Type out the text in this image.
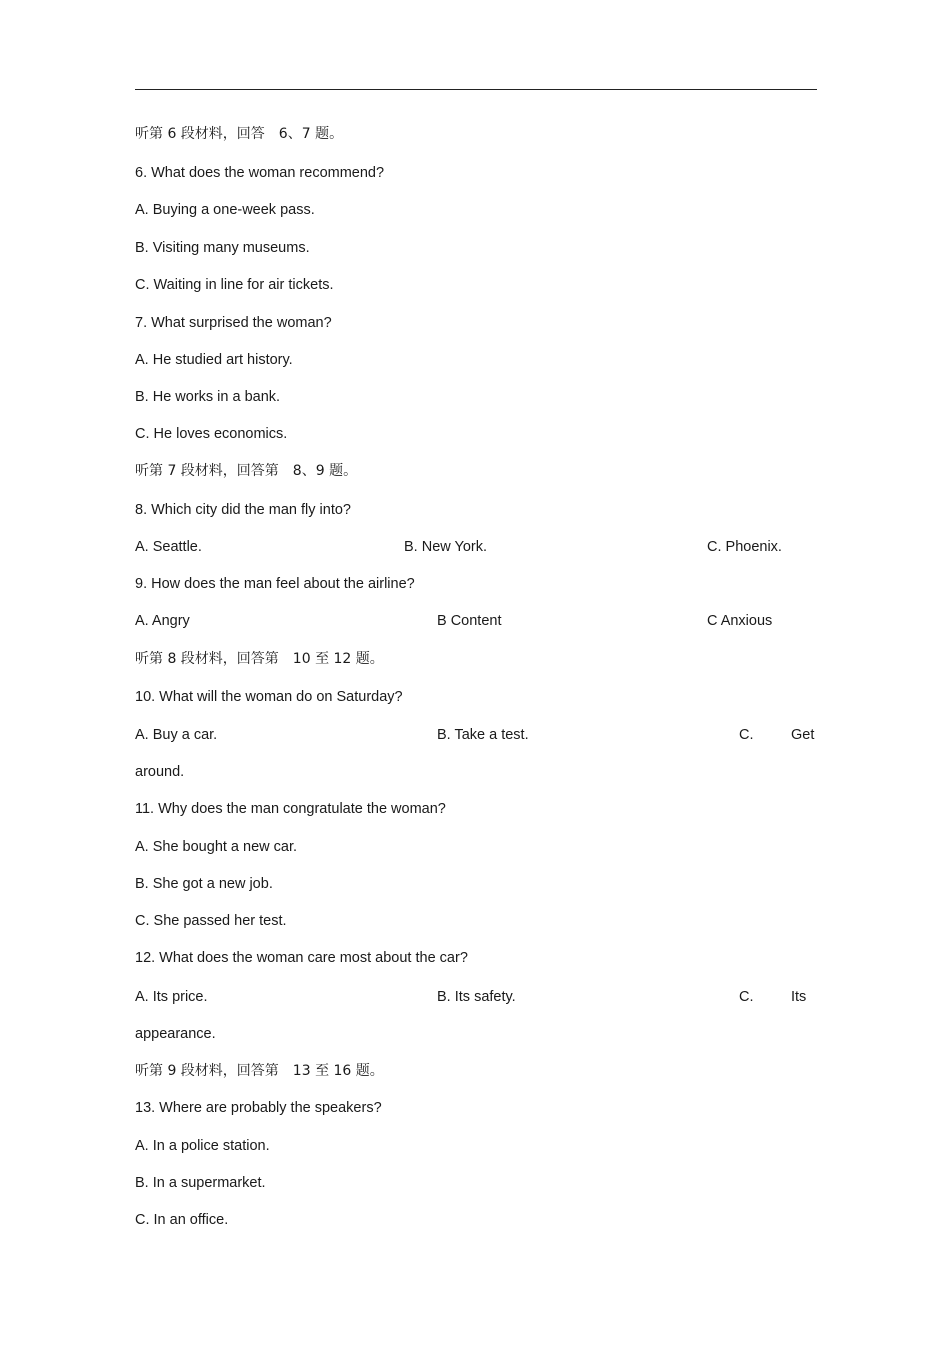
听第 6 段材料，回答　6、7 题。
6. What does the woman recommend?
A. Buying a one-week pass.
B. Visiting many museums.
C. Waiting in line for air tickets.
7. What surprised the woman?
A. He studied art history.
B. He works in a bank.
C. He loves economics.
听第 7 段材料，回答第　8、9 题。
8. Which city did the man fly into?
A. Seattle.	B. New York.	C. Phoenix.
9. How does the man feel about the airline?
A. Angry	B Content	C Anxious
听第 8 段材料，回答第　10 至 12 题。
10. What will the woman do on Saturday?
A. Buy a car.	B. Take a test.	C.	Get
around.
11. Why does the man congratulate the woman?
A. She bought a new car.
B. She got a new job.
C. She passed her test.
12. What does the woman care most about the car?
A. Its price.	B. Its safety.	C.	Its
appearance.
听第 9 段材料，回答第　13 至 16 题。
13. Where are probably the speakers?
A. In a police station.
B. In a supermarket.
C. In an office.
